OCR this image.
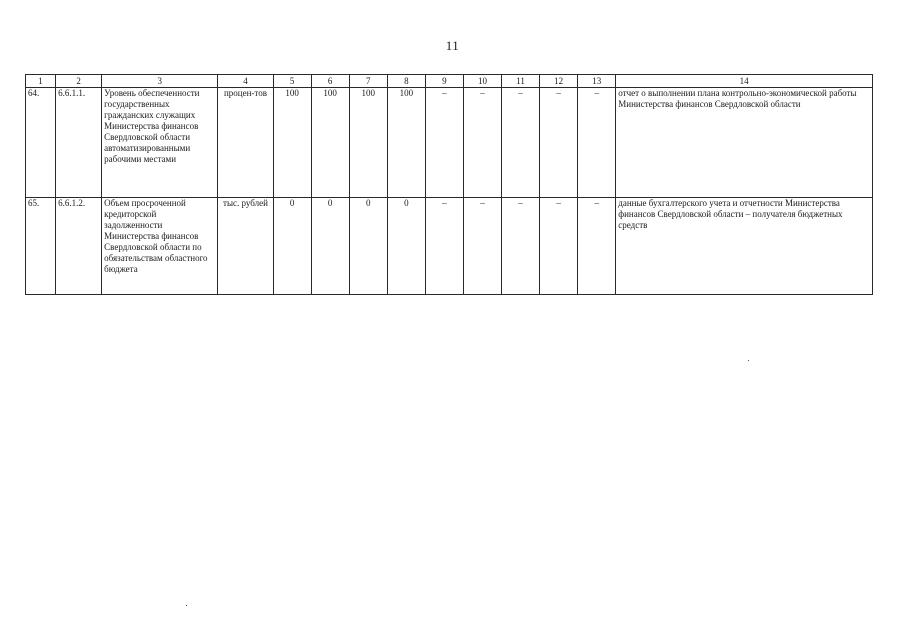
11
1	2	3	4	5	6	7	8	9	10	11	12	13	14
64.	6.6.1.1.	Уровень обеспеченности государственных гражданских служащих Министерства финансов Свердловской области автоматизированными рабочими местами	процен-тов	100	100	100	100	–	–	–	–	–	отчет о выполнении плана контрольно-экономической работы Министерства финансов Свердловской области
65.	6.6.1.2.	Объем просроченной кредиторской задолженности Министерства финансов Свердловской области по обязательствам областного бюджета	тыс. рублей	0	0	0	0	–	–	–	–	–	данные бухгалтерского учета и отчетности Министерства финансов Свердловской области – получателя бюджетных средств
